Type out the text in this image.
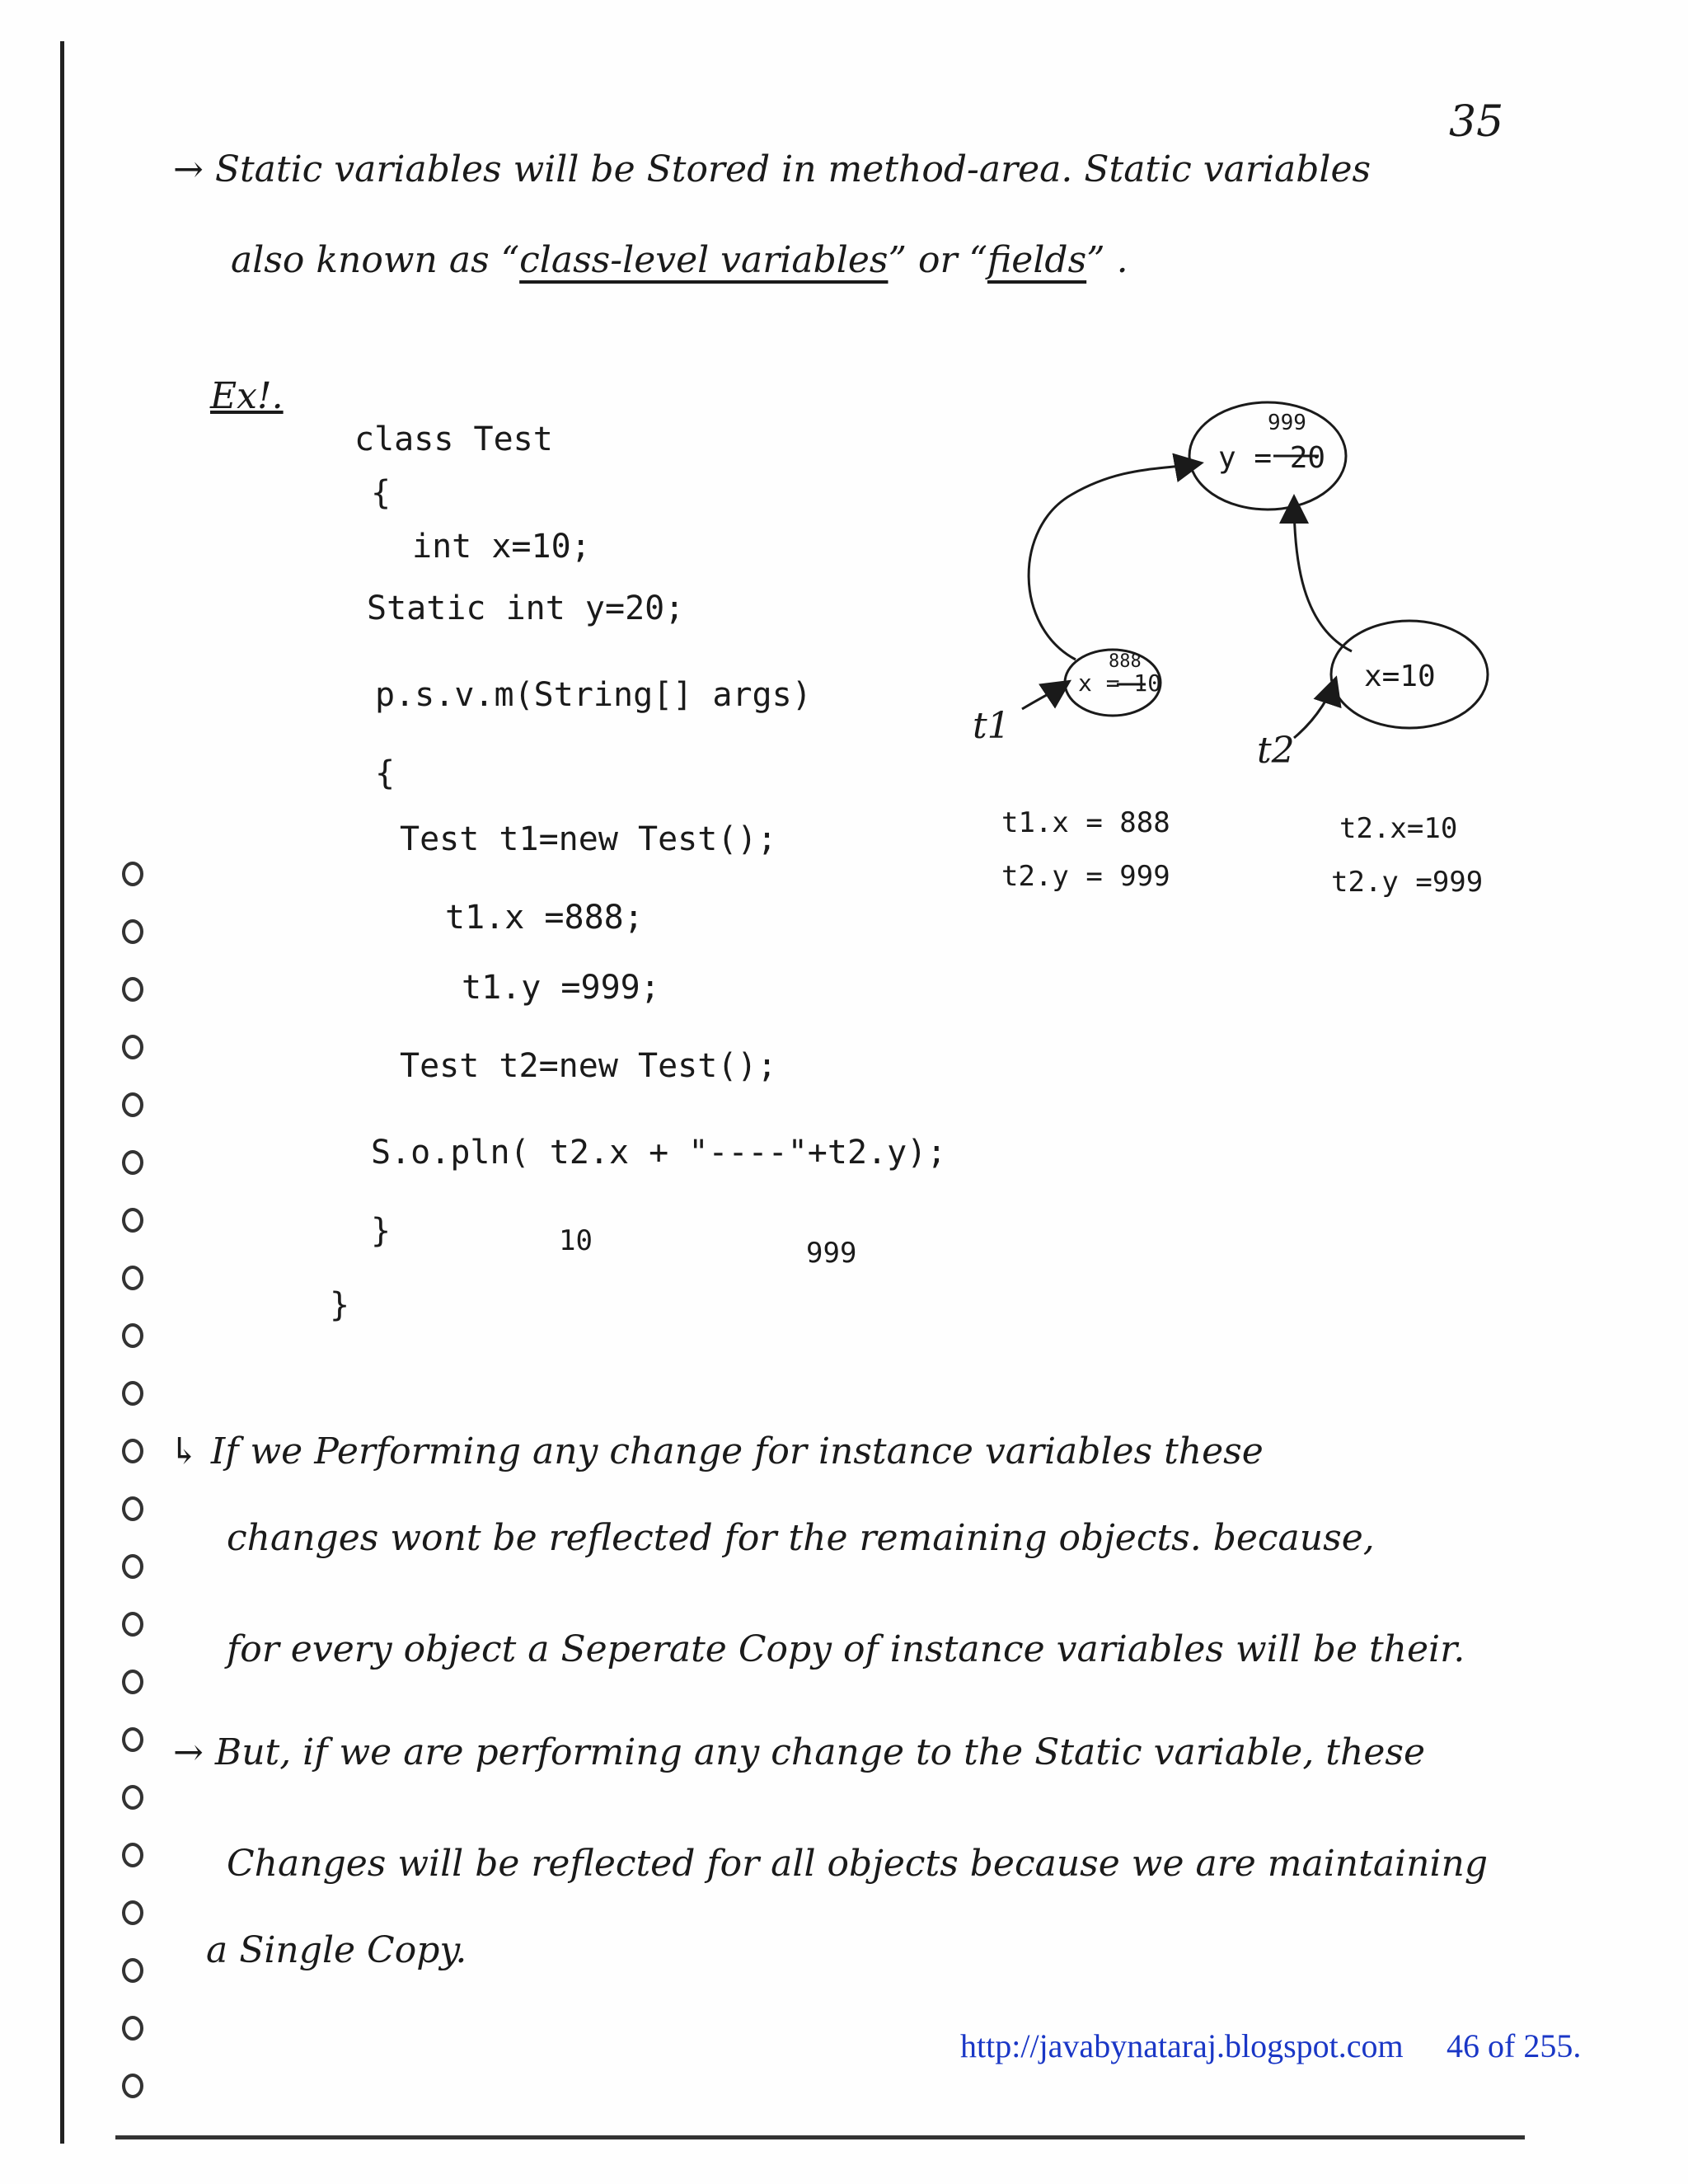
35
→ Static variables will be Stored in method-area. Static variables
also known as “class-level variables” or “fields” .
Ex!.
class Test
{
int x=10;
Static int y=20;
p.s.v.m(String[] args)
{
Test t1=new Test();
t1.x =888;
t1.y =999;
Test t2=new Test();
S.o.pln( t2.x + "----"+t2.y);
}
}
10	999
999
y = 20
888
x = 10	x=10
t1
t2
t1.x = 888
t2.y = 999
t2.x=10
t2.y =999
↳ If we Performing any change for instance variables these
changes wont be reflected for the remaining objects. because,
for every object a Seperate Copy of instance variables will be their.
→ But, if we are performing any change to the Static variable, these
Changes will be reflected for all objects because we are maintaining
a Single Copy.
http://javabynataraj.blogspot.com 46 of 255.
